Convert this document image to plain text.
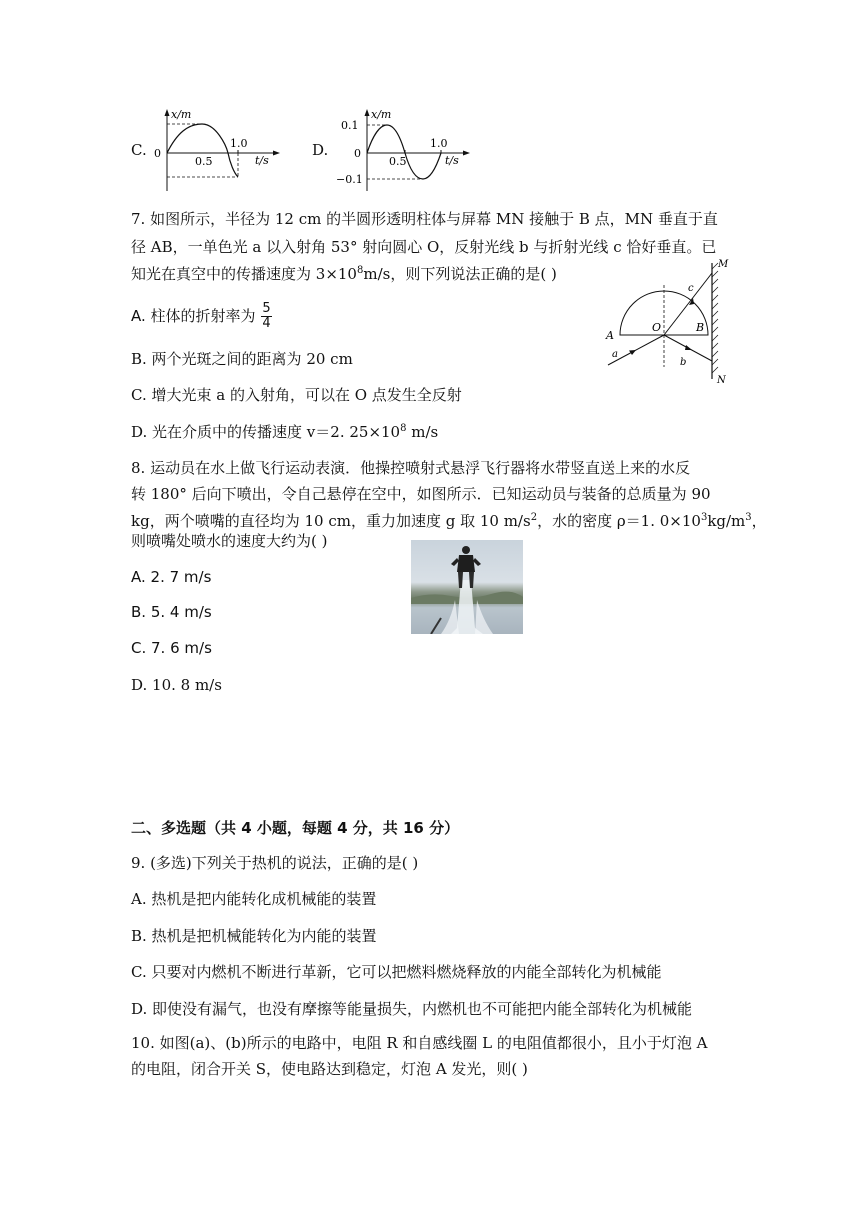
C.
x/m
0
0.5
1.0
t/s
D.
x/m
0.1
0
−0.1
0.5
1.0
t/s
7. 如图所示，半径为 12 cm 的半圆形透明柱体与屏幕 MN 接触于 B 点，MN 垂直于直
径 AB，一单色光 a 以入射角 53° 射向圆心 O，反射光线 b 与折射光线 c 恰好垂直。已
知光在真空中的传播速度为 $3\times 10^8m/s$，则下列说法正确的是( )
A. 柱体的折射率为 $\frac{5}{4}$
B. 两个光斑之间的距离为 20 cm
C. 增大光束 a 的入射角，可以在 O 点发生全反射
D. 光在介质中的传播速度 v＝2. $25\times 10^8$ m/s
M
N
A
O	B
a
b
c
8. 运动员在水上做飞行运动表演．他操控喷射式悬浮飞行器将水带竖直送上来的水反
转 180° 后向下喷出，令自己悬停在空中，如图所示．已知运动员与装备的总质量为 90
kg，两个喷嘴的直径均为 10 cm，重力加速度 g 取 10 $m/s^2$，水的密度 ρ＝1. $0\times 10^3kg/m^3$，
则喷嘴处喷水的速度大约为( )
A. 2. 7 m/s
B. 5. 4 m/s
C. 7. 6 m/s
D. 10. 8 m/s
二、多选题（共 4 小题，每题 4 分，共 16 分）
9. (多选)下列关于热机的说法，正确的是( )
A. 热机是把内能转化成机械能的装置
B. 热机是把机械能转化为内能的装置
C. 只要对内燃机不断进行革新，它可以把燃料燃烧释放的内能全部转化为机械能
D. 即使没有漏气，也没有摩擦等能量损失，内燃机也不可能把内能全部转化为机械能
10. 如图(a)、(b)所示的电路中，电阻 R 和自感线圈 L 的电阻值都很小，且小于灯泡 A
的电阻，闭合开关 S，使电路达到稳定，灯泡 A 发光，则( )
